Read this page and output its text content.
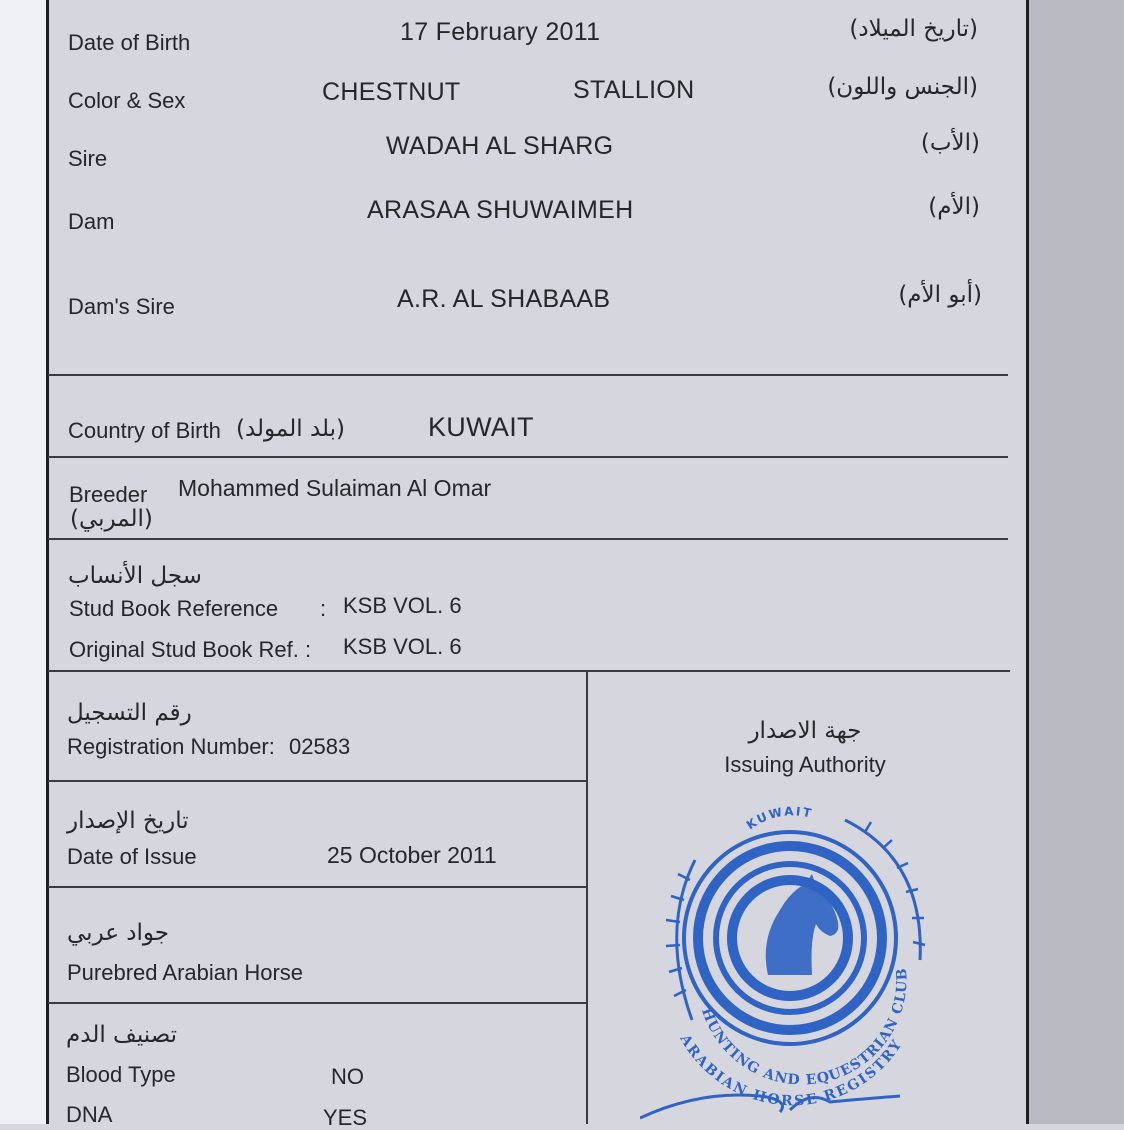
Date of Birth	17 February 2011	(تاريخ الميلاد)
Color & Sex	CHESTNUT	STALLION	(الجنس واللون)
Sire	WADAH AL SHARG	(الأب)
Dam	ARASAA SHUWAIMEH	(الأم)
Dam's Sire	A.R. AL SHABAAB	(أبو الأم)
Country of Birth (بلد المولد)	KUWAIT
Breeder
(المربي)
Mohammed Sulaiman Al Omar
سجل الأنساب
Stud Book Reference : KSB VOL. 6
Original Stud Book Ref. : KSB VOL. 6
رقم التسجيل
Registration Number: 02583
تاريخ الإصدار
Date of Issue	25 October 2011
جواد عربي
Purebred Arabian Horse
تصنيف الدم
Blood Type	NO
DNA	YES
جهة الاصدار
Issuing Authority
KUWAIT
HUNTING AND EQUESTRIAN CLUB
ARABIAN HORSE REGISTRY
